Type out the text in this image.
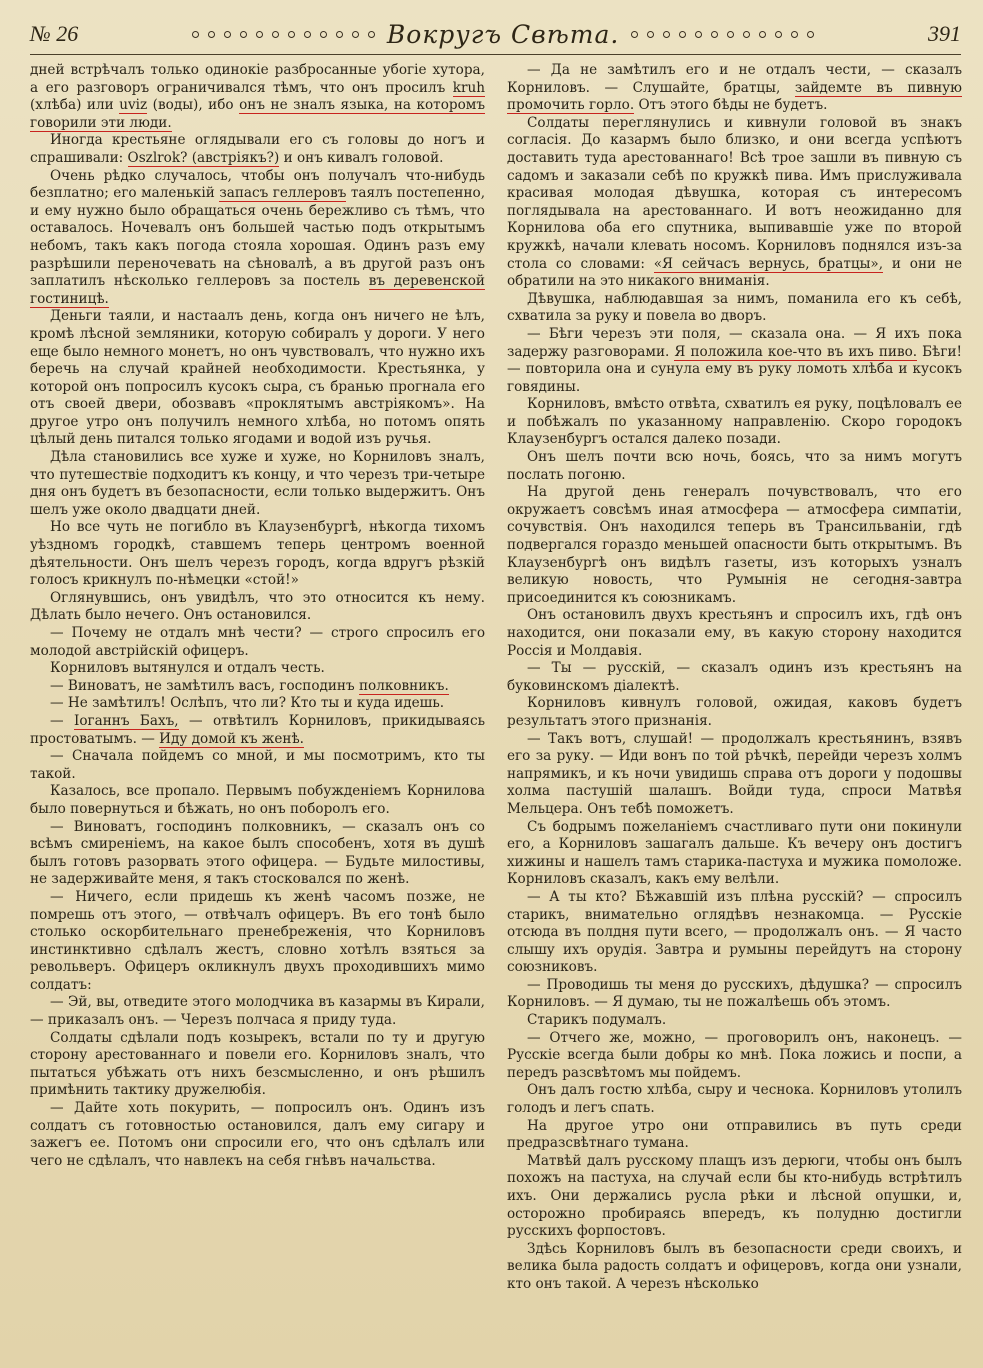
№ 26	Вокругъ Свѣта.	391

дней встрѣчалъ только одинокіе разбросанные убогіе хутора, а его разговоръ ограничивался тѣмъ, что онъ просилъ kruh (хлѣба) или uviz (воды), ибо онъ не зналъ языка, на которомъ говорили эти люди.

Иногда крестьяне оглядывали его съ головы до ногъ и спрашивали: Oszlrok? (австріякъ?) и онъ кивалъ головой.

Очень рѣдко случалось, чтобы онъ получалъ что-нибудь безплатно; его маленькій запасъ геллеровъ таялъ постепенно, и ему нужно было обращаться очень бережливо съ тѣмъ, что оставалось. Ночевалъ онъ большей частью подъ открытымъ небомъ, такъ какъ погода стояла хорошая. Одинъ разъ ему разрѣшили переночевать на сѣновалѣ, а въ другой разъ онъ заплатилъ нѣсколько геллеровъ за постель въ деревенской гостиницѣ.

Деньги таяли, и настаалъ день, когда онъ ничего не ѣлъ, кромѣ лѣсной земляники, которую собиралъ у дороги. У него еще было немного монетъ, но онъ чувствовалъ, что нужно ихъ беречь на случай крайней необходимости. Крестьянка, у которой онъ попросилъ кусокъ сыра, съ бранью прогнала его отъ своей двери, обозвавъ «проклятымъ австріякомъ». На другое утро онъ получилъ немного хлѣба, но потомъ опять цѣлый день питался только ягодами и водой изъ ручья.

Дѣла становились все хуже и хуже, но Корниловъ зналъ, что путешествіе подходитъ къ концу, и что черезъ три-четыре дня онъ будетъ въ безопасности, если только выдержитъ. Онъ шелъ уже около двадцати дней.

Но все чуть не погибло въ Клаузенбургѣ, нѣкогда тихомъ уѣздномъ городкѣ, ставшемъ теперь центромъ военной дѣятельности. Онъ шелъ черезъ городъ, когда вдругъ рѣзкій голосъ крикнулъ по-нѣмецки «стой!»

Оглянувшись, онъ увидѣлъ, что это относится къ нему. Дѣлать было нечего. Онъ остановился.

— Почему не отдалъ мнѣ чести? — строго спросилъ его молодой австрійскій офицеръ.

Корниловъ вытянулся и отдалъ честь.

— Виноватъ, не замѣтилъ васъ, господинъ полковникъ.

— Не замѣтилъ! Ослѣпъ, что ли? Кто ты и куда идешь.

— Іоганнъ Бахъ, — отвѣтилъ Корниловъ, прикидываясь простоватымъ. — Иду домой къ женѣ.

— Сначала пойдемъ со мной, и мы посмотримъ, кто ты такой.

Казалось, все пропало. Первымъ побужденіемъ Корнилова было повернуться и бѣжать, но онъ поборолъ его.

— Виноватъ, господинъ полковникъ, — сказалъ онъ со всѣмъ смиреніемъ, на какое былъ способенъ, хотя въ душѣ былъ готовъ разорвать этого офицера. — Будьте милостивы, не задерживайте меня, я такъ стосковался по женѣ.

— Ничего, если придешь къ женѣ часомъ позже, не помрешь отъ этого, — отвѣчалъ офицеръ. Въ его тонѣ было столько оскорбительнаго пренебреженія, что Корниловъ инстинктивно сдѣлалъ жестъ, словно хотѣлъ взяться за револьверъ. Офицеръ окликнулъ двухъ проходившихъ мимо солдатъ:

— Эй, вы, отведите этого молодчика въ казармы въ Кирали, — приказалъ онъ. — Черезъ полчаса я приду туда.

Солдаты сдѣлали подъ козырекъ, встали по ту и другую сторону арестованнаго и повели его. Корниловъ зналъ, что пытаться убѣжать отъ нихъ безсмысленно, и онъ рѣшилъ примѣнить тактику дружелюбія.

— Дайте хоть покурить, — попросилъ онъ. Одинъ изъ солдатъ съ готовностью остановился, далъ ему сигару и зажегъ ее. Потомъ они спросили его, что онъ сдѣлалъ или чего не сдѣлалъ, что навлекъ на себя гнѣвъ начальства.

— Да не замѣтилъ его и не отдалъ чести, — сказалъ Корниловъ. — Слушайте, братцы, зайдемте въ пивную промочить горло. Отъ этого бѣды не будетъ.

Солдаты переглянулись и кивнули головой въ знакъ согласія. До казармъ было близко, и они всегда успѣютъ доставить туда арестованнаго! Всѣ трое зашли въ пивную съ садомъ и заказали себѣ по кружкѣ пива. Имъ прислуживала красивая молодая дѣвушка, которая съ интересомъ поглядывала на арестованнаго. И вотъ неожиданно для Корнилова оба его спутника, выпивавшіе уже по второй кружкѣ, начали клевать носомъ. Корниловъ поднялся изъ-за стола со словами: «Я сейчасъ вернусь, братцы», и они не обратили на это никакого вниманія.

Дѣвушка, наблюдавшая за нимъ, поманила его къ себѣ, схватила за руку и повела во дворъ.

— Бѣги черезъ эти поля, — сказала она. — Я ихъ пока задержу разговорами. Я положила кое-что въ ихъ пиво. Бѣги! — повторила она и сунула ему въ руку ломоть хлѣба и кусокъ говядины.

Корниловъ, вмѣсто отвѣта, схватилъ ея руку, поцѣловалъ ее и побѣжалъ по указанному направленію. Скоро городокъ Клаузенбургъ остался далеко позади.

Онъ шелъ почти всю ночь, боясь, что за нимъ могутъ послать погоню.

На другой день генералъ почувствовалъ, что его окружаетъ совсѣмъ иная атмосфера — атмосфера симпатіи, сочувствія. Онъ находился теперь въ Трансильваніи, гдѣ подвергался гораздо меньшей опасности быть открытымъ. Въ Клаузенбургѣ онъ видѣлъ газеты, изъ которыхъ узналъ великую новость, что Румынія не сегодня-завтра присоединится къ союзникамъ.

Онъ остановилъ двухъ крестьянъ и спросилъ ихъ, гдѣ онъ находится, они показали ему, въ какую сторону находится Россія и Молдавія.

— Ты — русскій, — сказалъ одинъ изъ крестьянъ на буковинскомъ діалектѣ.

Корниловъ кивнулъ головой, ожидая, каковъ будетъ результатъ этого признанія.

— Такъ вотъ, слушай! — продолжалъ крестьянинъ, взявъ его за руку. — Иди вонъ по той рѣчкѣ, перейди черезъ холмъ напрямикъ, и къ ночи увидишь справа отъ дороги у подошвы холма пастушій шалашъ. Войди туда, спроси Матвѣя Мельцера. Онъ тебѣ поможетъ.

Съ бодрымъ пожеланіемъ счастливаго пути они покинули его, а Корниловъ зашагалъ дальше. Къ вечеру онъ достигъ хижины и нашелъ тамъ старика-пастуха и мужика помоложе. Корниловъ сказалъ, какъ ему велѣли.

— А ты кто? Бѣжавшій изъ плѣна русскій? — спросилъ старикъ, внимательно оглядѣвъ незнакомца. — Русскіе отсюда въ полдня пути всего, — продолжалъ онъ. — Я часто слышу ихъ орудія. Завтра и румыны перейдутъ на сторону союзниковъ.

— Проводишь ты меня до русскихъ, дѣдушка? — спросилъ Корниловъ. — Я думаю, ты не пожалѣешь объ этомъ.

Старикъ подумалъ.

— Отчего же, можно, — проговорилъ онъ, наконецъ. — Русскіе всегда были добры ко мнѣ. Пока ложись и поспи, а передъ разсвѣтомъ мы пойдемъ.

Онъ далъ гостю хлѣба, сыру и чеснока. Корниловъ утолилъ голодъ и легъ спать.

На другое утро они отправились въ путь среди предразсвѣтнаго тумана.

Матвѣй далъ русскому плащъ изъ дерюги, чтобы онъ былъ похожъ на пастуха, на случай если бы кто-нибудь встрѣтилъ ихъ. Они держались русла рѣки и лѣсной опушки, и, осторожно пробираясь впередъ, къ полудню достигли русскихъ форпостовъ.

Здѣсь Корниловъ былъ въ безопасности среди своихъ, и велика была радость солдатъ и офицеровъ, когда они узнали, кто онъ такой. А черезъ нѣсколько
